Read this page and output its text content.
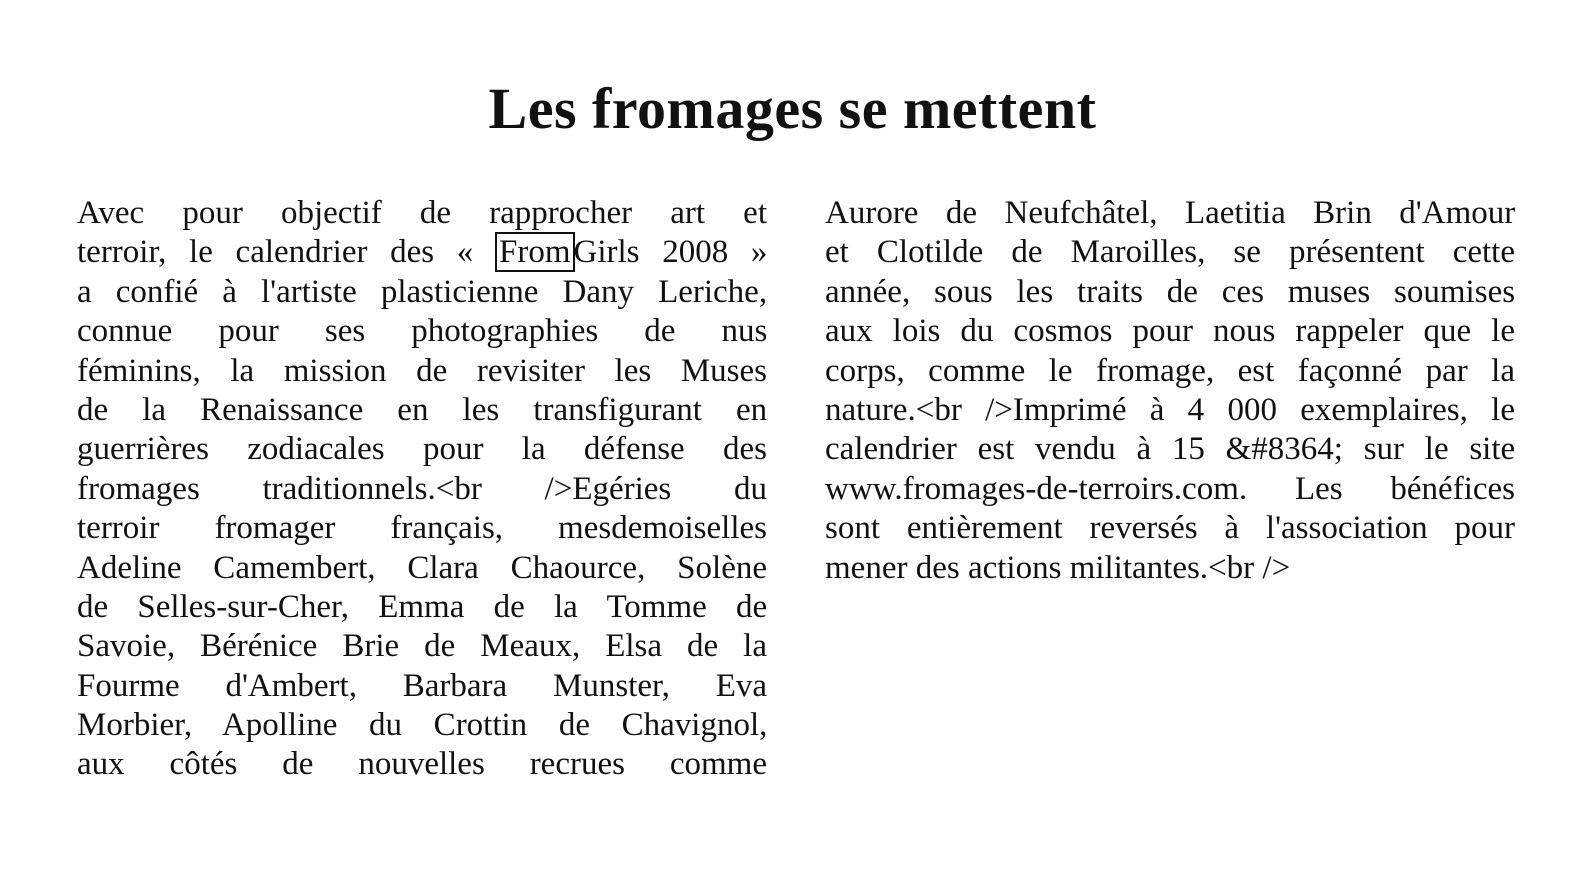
Les fromages se mettent
Avec pour objectif de rapprocher art et
terroir, le calendrier des « FromGirls 2008 »
a confié à l'artiste plasticienne Dany Leriche,
connue pour ses photographies de nus
féminins, la mission de revisiter les Muses
de la Renaissance en les transfigurant en
guerrières zodiacales pour la défense des
fromages traditionnels.<br />Egéries du
terroir fromager français, mesdemoiselles
Adeline Camembert, Clara Chaource, Solène
de Selles-sur-Cher, Emma de la Tomme de
Savoie, Bérénice Brie de Meaux, Elsa de la
Fourme d'Ambert, Barbara Munster, Eva
Morbier, Apolline du Crottin de Chavignol,
aux côtés de nouvelles recrues comme
Aurore de Neufchâtel, Laetitia Brin d'Amour
et Clotilde de Maroilles, se présentent cette
année, sous les traits de ces muses soumises
aux lois du cosmos pour nous rappeler que le
corps, comme le fromage, est façonné par la
nature.<br />Imprimé à 4 000 exemplaires, le
calendrier est vendu à 15 &#8364; sur le site
www.fromages-de-terroirs.com. Les bénéfices
sont entièrement reversés à l'association pour
mener des actions militantes.<br />
